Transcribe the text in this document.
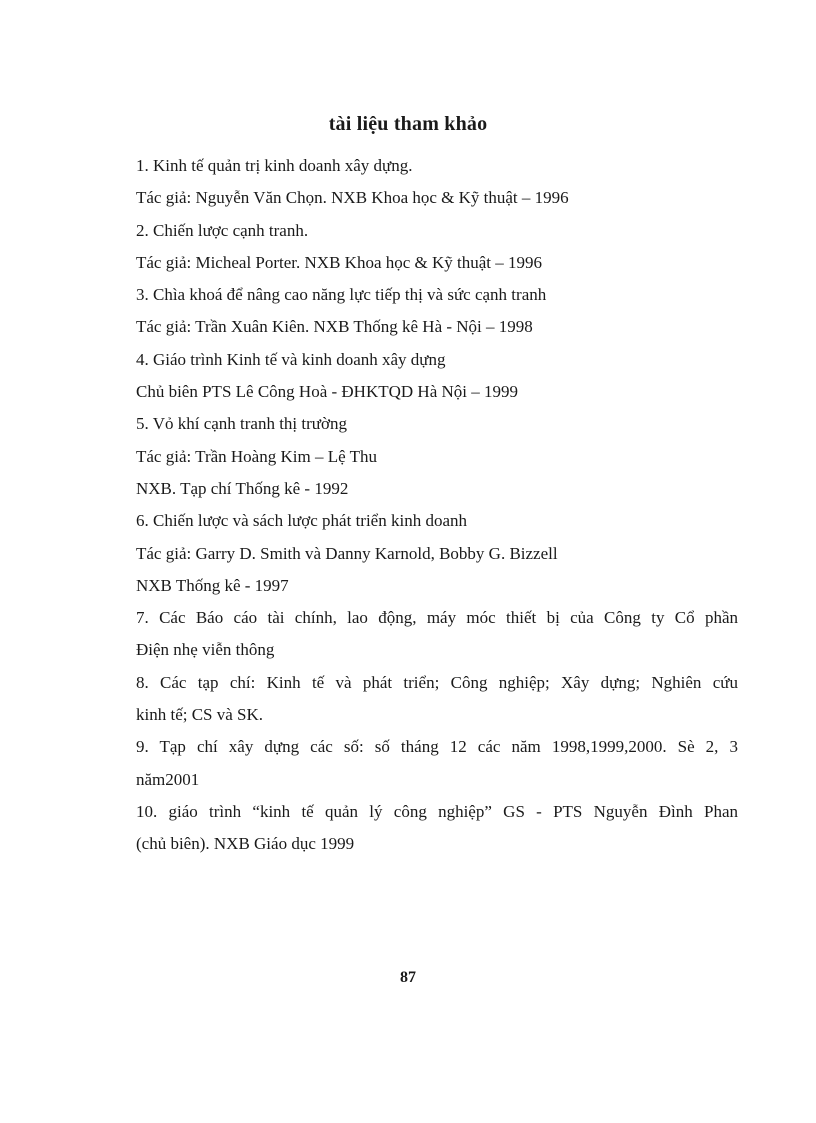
tài liệu tham khảo
1. Kinh tế quản trị kinh doanh xây dựng.
Tác giả: Nguyễn Văn Chọn. NXB Khoa học & Kỹ thuật – 1996
2. Chiến lược cạnh tranh.
Tác giả: Micheal Porter. NXB Khoa học & Kỹ thuật – 1996
3. Chìa khoá để nâng cao năng lực tiếp thị và sức cạnh tranh
Tác giả: Trần Xuân Kiên. NXB Thống kê Hà - Nội – 1998
4. Giáo trình Kinh tế và kinh doanh xây dựng
Chủ biên PTS Lê Công Hoà - ĐHKTQD Hà Nội – 1999
5. Vỏ khí cạnh tranh thị trường
Tác giả: Trần Hoàng Kim – Lệ Thu
NXB. Tạp chí Thống kê - 1992
6. Chiến lược và sách lược phát triển kinh doanh
Tác giả: Garry D. Smith và Danny Karnold, Bobby G. Bizzell
NXB Thống kê - 1997
7. Các Báo cáo tài chính, lao động, máy móc thiết bị của Công ty Cổ phần
Điện nhẹ viễn thông
8. Các tạp chí: Kinh tế và phát triển; Công nghiệp; Xây dựng; Nghiên cứu
kinh tế; CS và SK.
9. Tạp chí xây dựng các số: số tháng 12 các năm 1998,1999,2000. Sè 2, 3
năm2001
10. giáo trình “kinh tế quản lý công nghiệp” GS - PTS Nguyễn Đình Phan
(chủ biên). NXB Giáo dục 1999
87
